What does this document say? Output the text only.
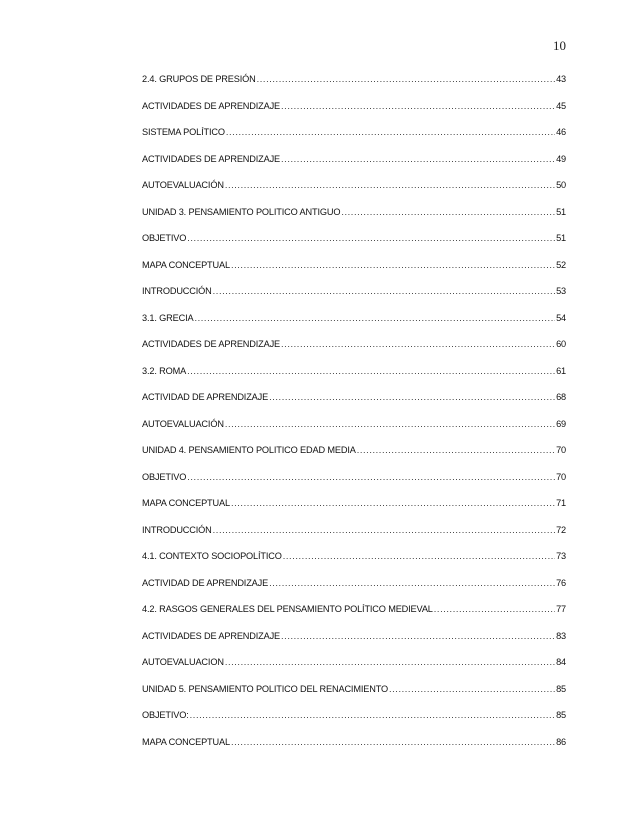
10
2.4. GRUPOS DE PRESIÓN .....	43
ACTIVIDADES DE APRENDIZAJE .....	45
SISTEMA POLÍTICO .....	46
ACTIVIDADES DE APRENDIZAJE .....	49
AUTOEVALUACIÓN .....	50
UNIDAD 3. PENSAMIENTO POLITICO ANTIGUO .....	51
OBJETIVO .....	51
MAPA CONCEPTUAL .....	52
INTRODUCCIÓN .....	53
3.1. GRECIA .....	54
ACTIVIDADES DE APRENDIZAJE .....	60
3.2. ROMA .....	61
ACTIVIDAD DE APRENDIZAJE .....	68
AUTOEVALUACIÓN .....	69
UNIDAD 4. PENSAMIENTO POLITICO EDAD MEDIA .....	70
OBJETIVO .....	70
MAPA CONCEPTUAL .....	71
INTRODUCCIÓN .....	72
4.1. CONTEXTO SOCIOPOLÍTICO .....	73
ACTIVIDAD DE APRENDIZAJE .....	76
4.2. RASGOS GENERALES DEL PENSAMIENTO POLÍTICO MEDIEVAL .....	77
ACTIVIDADES DE APRENDIZAJE .....	83
AUTOEVALUACION .....	84
UNIDAD 5. PENSAMIENTO POLITICO DEL RENACIMIENTO .....	85
OBJETIVO: .....	85
MAPA CONCEPTUAL .....	86
